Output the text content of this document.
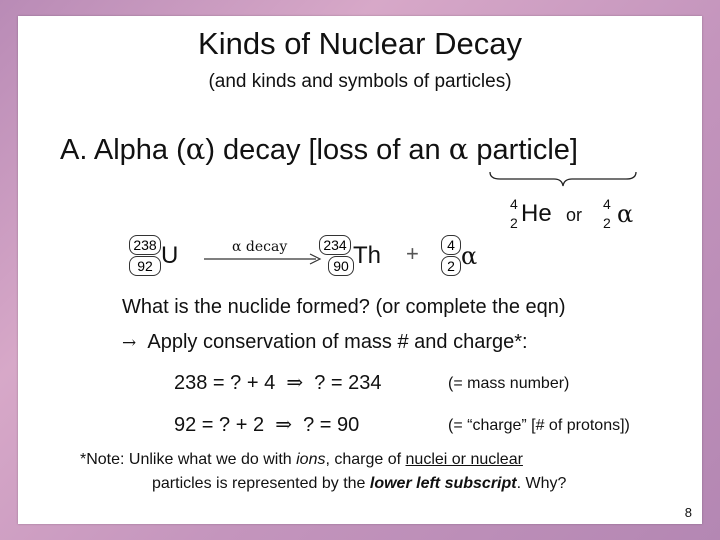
Kinds of Nuclear Decay
(and kinds and symbols of particles)
A. Alpha (α) decay [loss of an α particle]
4
2 He or
4
2 α
238
92 U	α decay	234
90 Th +	4
2 α
What is the nuclide formed? (or complete the eqn)
→ Apply conservation of mass # and charge*:
238 = ? + 4 ⇒ ? = 234	(= mass number)
92 = ? + 2 ⇒ ? = 90	(= “charge” [# of protons])
*Note: Unlike what we do with ions, charge of nuclei or nuclear
particles is represented by the lower left subscript. Why?
8
